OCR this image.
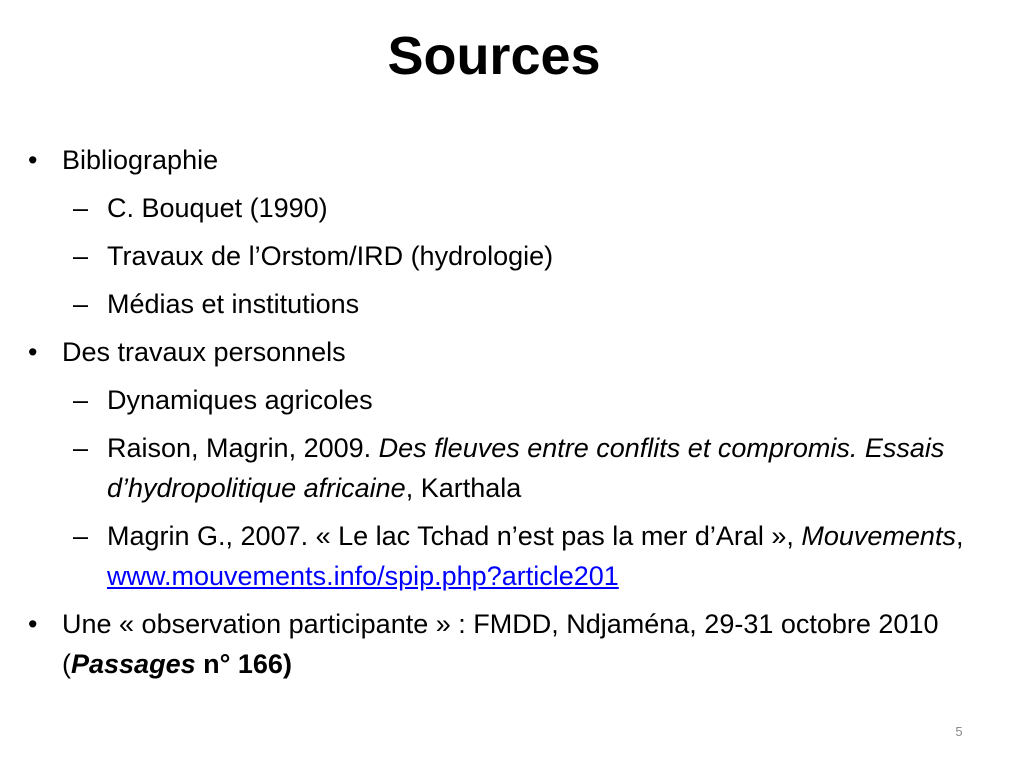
Sources
• Bibliographie
– C. Bouquet (1990)
– Travaux de l’Orstom/IRD (hydrologie)
– Médias et institutions
• Des travaux personnels
– Dynamiques agricoles
– Raison, Magrin, 2009. Des fleuves entre conflits et compromis. Essais d’hydropolitique africaine, Karthala
– Magrin G., 2007. « Le lac Tchad n’est pas la mer d’Aral », Mouvements, www.mouvements.info/spip.php?article201
• Une « observation participante » : FMDD, Ndjaména, 29-31 octobre 2010 (Passages n° 166)
5
